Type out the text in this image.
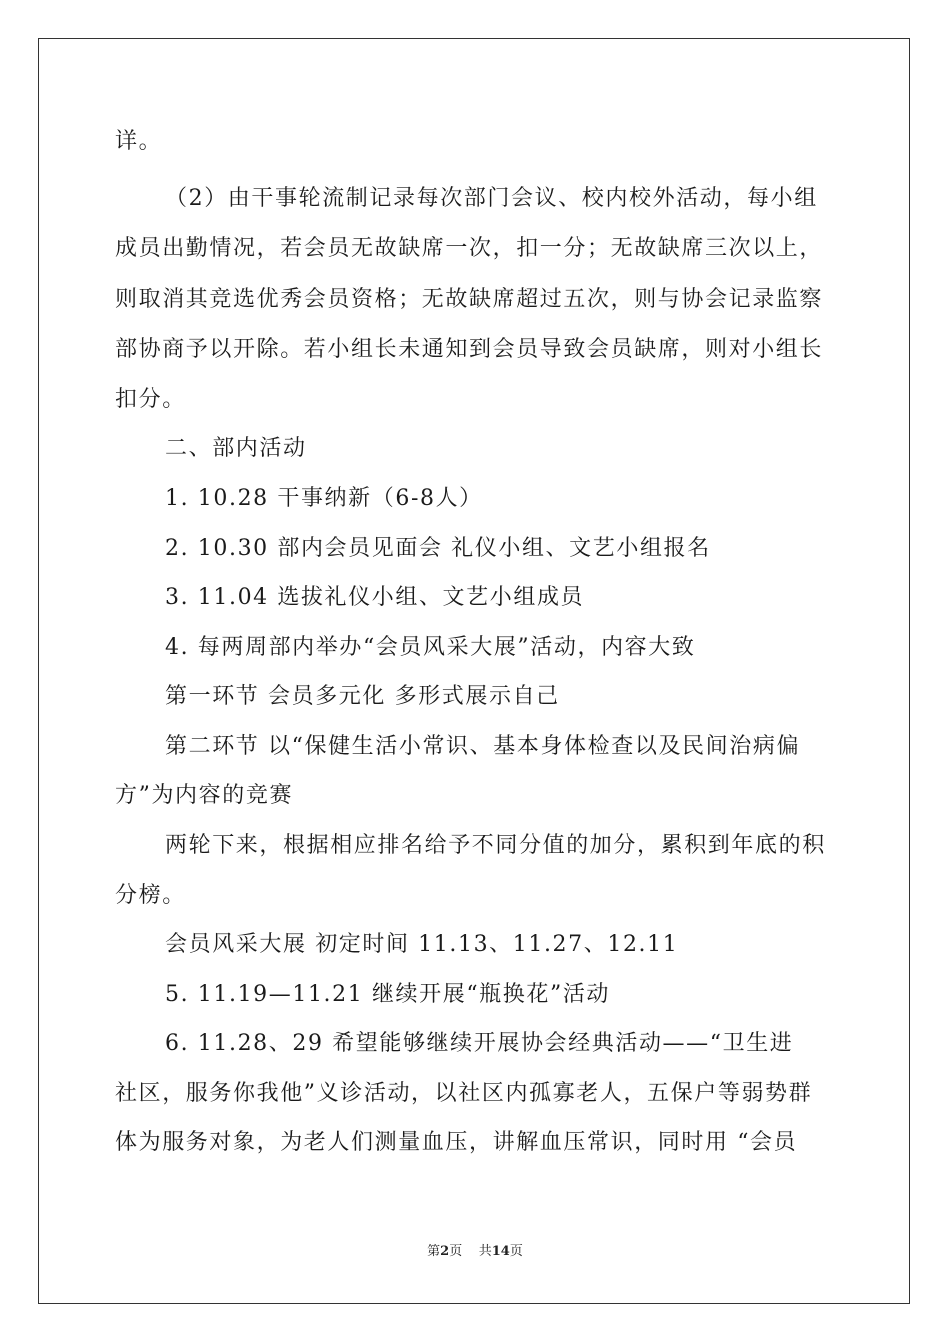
详。
（2）由干事轮流制记录每次部门会议、校内校外活动，每小组
成员出勤情况，若会员无故缺席一次，扣一分；无故缺席三次以上，
则取消其竞选优秀会员资格；无故缺席超过五次，则与协会记录监察
部协商予以开除。若小组长未通知到会员导致会员缺席，则对小组长
扣分。
二、部内活动
1. 10.28 干事纳新（6-8人）
2. 10.30 部内会员见面会 礼仪小组、文艺小组报名
3. 11.04 选拔礼仪小组、文艺小组成员
4. 每两周部内举办“会员风采大展”活动，内容大致
第一环节 会员多元化 多形式展示自己
第二环节 以“保健生活小常识、基本身体检查以及民间治病偏
方”为内容的竞赛
两轮下来，根据相应排名给予不同分值的加分，累积到年底的积
分榜。
会员风采大展 初定时间 11.13、11.27、12.11
5. 11.19—11.21 继续开展“瓶换花”活动
6. 11.28、29 希望能够继续开展协会经典活动——“卫生进
社区，服务你我他”义诊活动，以社区内孤寡老人，五保户等弱势群
体为服务对象，为老人们测量血压，讲解血压常识，同时用 “会员
第2页 共14页
